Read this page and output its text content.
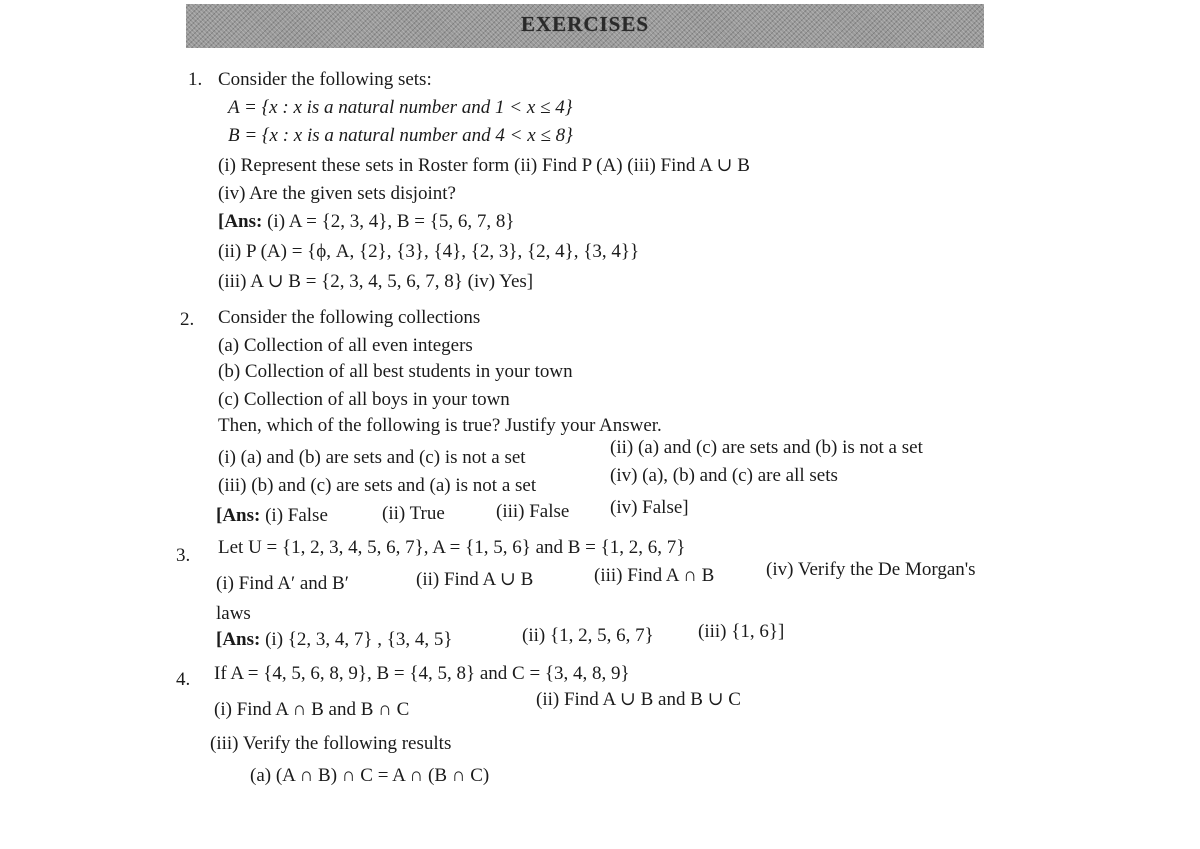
EXERCISES
1. Consider the following sets:
A = {x : x is a natural number and 1 < x ≤ 4}
B = {x : x is a natural number and 4 < x ≤ 8}
(i) Represent these sets in Roster form (ii) Find P (A) (iii) Find A ∪ B
(iv) Are the given sets disjoint?
[Ans: (i) A = {2, 3, 4}, B = {5, 6, 7, 8}
(ii) P (A) = {ϕ, A, {2}, {3}, {4}, {2, 3}, {2, 4}, {3, 4}}
(iii) A ∪ B = {2, 3, 4, 5, 6, 7, 8} (iv) Yes]
2. Consider the following collections
(a) Collection of all even integers
(b) Collection of all best students in your town
(c) Collection of all boys in your town
Then, which of the following is true? Justify your Answer.
(i) (a) and (b) are sets and (c) is not a set	(ii) (a) and (c) are sets and (b) is not a set
(iii) (b) and (c) are sets and (a) is not a set	(iv) (a), (b) and (c) are all sets
[Ans: (i) False	(ii) True	(iii) False (iv) False]
3. Let U = {1, 2, 3, 4, 5, 6, 7}, A = {1, 5, 6} and B = {1, 2, 6, 7}
(i) Find A′ and B′	(ii) Find A ∪ B	(iii) Find A ∩ B	(iv) Verify the De Morgan's
laws
[Ans: (i) {2, 3, 4, 7} , {3, 4, 5}	(ii) {1, 2, 5, 6, 7} (iii) {1, 6}]
4. If A = {4, 5, 6, 8, 9}, B = {4, 5, 8} and C = {3, 4, 8, 9}
(i) Find A ∩ B and B ∩ C	(ii) Find A ∪ B and B ∪ C
(iii) Verify the following results
(a) (A ∩ B) ∩ C = A ∩ (B ∩ C)
